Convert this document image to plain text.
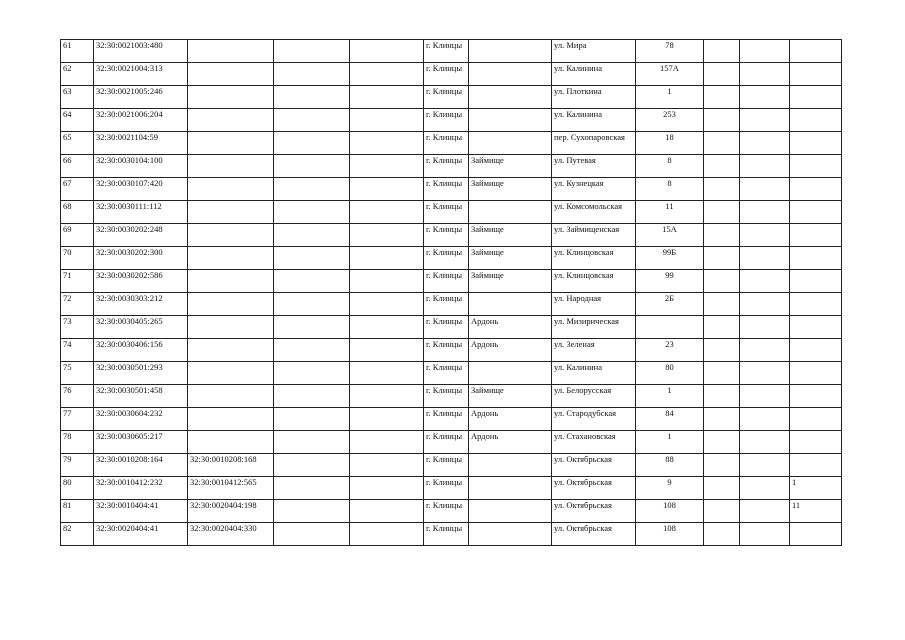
61	32:30:0021003:480				г. Клинцы		ул. Мира	78				
62	32:30:0021004:313				г. Клинцы		ул. Калинина	157А				
63	32:30:0021005:246				г. Клинцы		ул. Плоткина	1				
64	32:30:0021006:204				г. Клинцы		ул. Калинина	253				
65	32:30:0021104:59				г. Клинцы		пер. Сухопаровская	18				
66	32:30:0030104:100				г. Клинцы	Займище	ул. Путевая	8				
67	32:30:0030107:420				г. Клинцы	Займище	ул. Кузнецкая	8				
68	32:30:0030111:112				г. Клинцы		ул. Комсомольская	11				
69	32:30:0030202:248				г. Клинцы	Займище	ул. Займищенская	15А				
70	32:30:0030202:300				г. Клинцы	Займище	ул. Клинцовская	99Б				
71	32:30:0030202:586				г. Клинцы	Займище	ул. Клинцовская	99				
72	32:30:0030303:212				г. Клинцы		ул. Народная	2Б				
73	32:30:0030405:265				г. Клинцы	Ардонь	ул. Мизирическая					
74	32:30:0030406:156				г. Клинцы	Ардонь	ул. Зеленая	23				
75	32:30:0030501:293				г. Клинцы		ул. Калинина	80				
76	32:30:0030501:458				г. Клинцы	Займище	ул. Белорусская	1				
77	32:30:0030604:232				г. Клинцы	Ардонь	ул. Стародубская	84				
78	32:30:0030605:217				г. Клинцы	Ардонь	ул. Стахановская	1				
79	32:30:0010208:164	32:30:0010208:168			г. Клинцы		ул. Октябрьская	88				
80	32:30:0010412:232	32:30:0010412:565			г. Клинцы		ул. Октябрьская	9				1
81	32:30:0010404:41	32:30:0020404:198			г. Клинцы		ул. Октябрьская	108				11
82	32:30:0020404:41	32:30:0020404:330			г. Клинцы		ул. Октябрьская	108				
